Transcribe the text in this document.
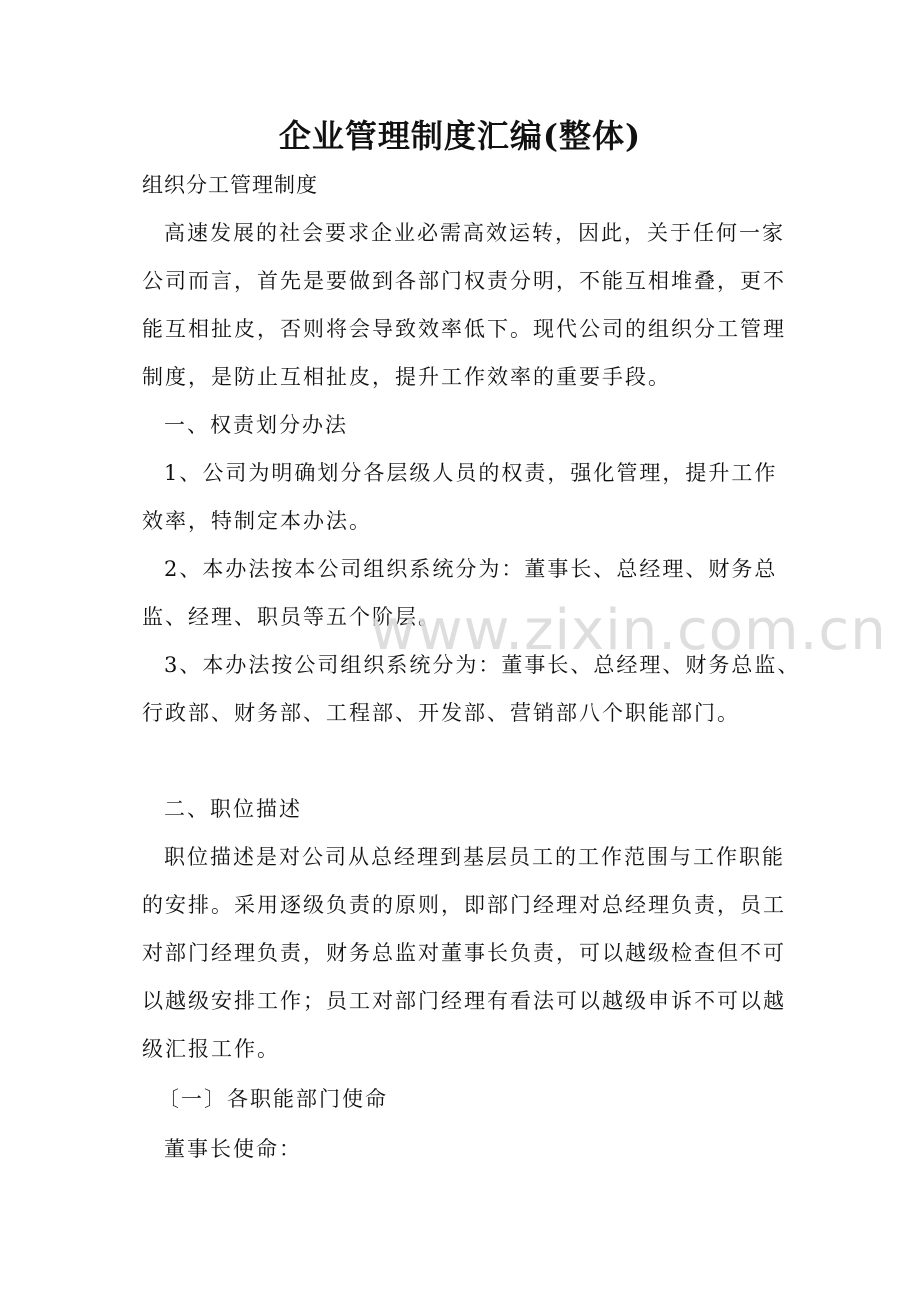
企业管理制度汇编(整体)

组织分工管理制度

高速发展的社会要求企业必需高效运转，因此，关于任何一家

公司而言，首先是要做到各部门权责分明，不能互相堆叠，更不

能互相扯皮，否则将会导致效率低下。现代公司的组织分工管理

制度，是防止互相扯皮，提升工作效率的重要手段。

一、权责划分办法

1、公司为明确划分各层级人员的权责，强化管理，提升工作

效率，特制定本办法。

2、本办法按本公司组织系统分为：董事长、总经理、财务总

监、经理、职员等五个阶层。

3、本办法按公司组织系统分为：董事长、总经理、财务总监、

行政部、财务部、工程部、开发部、营销部八个职能部门。

二、职位描述

职位描述是对公司从总经理到基层员工的工作范围与工作职能

的安排。采用逐级负责的原则，即部门经理对总经理负责，员工

对部门经理负责，财务总监对董事长负责，可以越级检查但不可

以越级安排工作；员工对部门经理有看法可以越级申诉不可以越

级汇报工作。

〔一〕各职能部门使命

董事长使命：

www.zixin.com.cn
